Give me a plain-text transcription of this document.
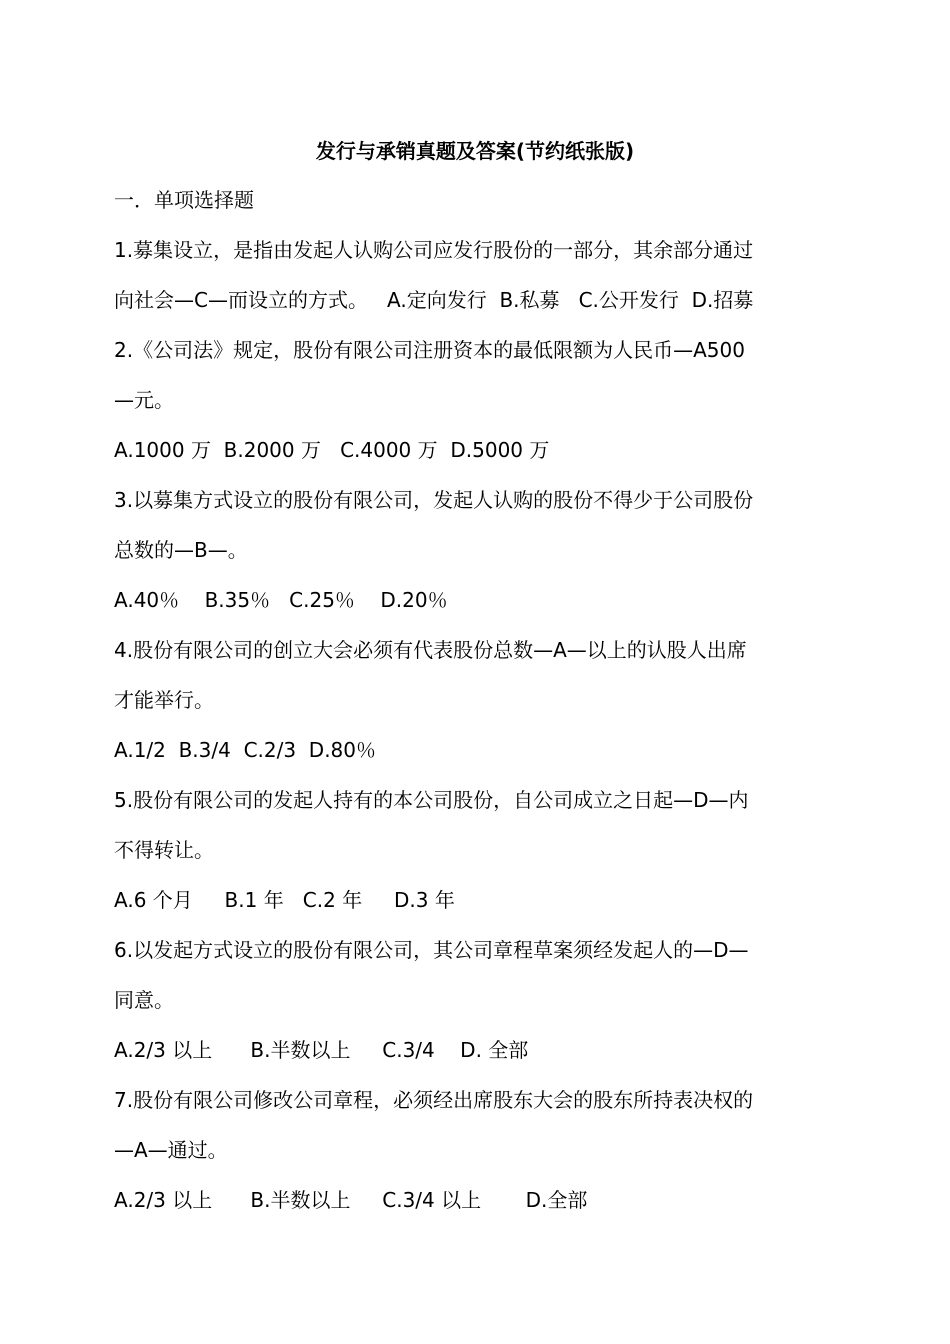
发行与承销真题及答案(节约纸张版)
一．单项选择题
1.募集设立，是指由发起人认购公司应发行股份的一部分，其余部分通过
向社会—C—而设立的方式。   A.定向发行  B.私募   C.公开发行  D.招募
2.《公司法》规定，股份有限公司注册资本的最低限额为人民币—A500
—元。
A.1000 万  B.2000 万   C.4000 万  D.5000 万
3.以募集方式设立的股份有限公司，发起人认购的股份不得少于公司股份
总数的—B—。
A.40％    B.35％   C.25％    D.20％
4.股份有限公司的创立大会必须有代表股份总数—A—以上的认股人出席
才能举行。
A.1/2  B.3/4  C.2/3  D.80％
5.股份有限公司的发起人持有的本公司股份，自公司成立之日起—D—内
不得转让。
A.6 个月     B.1 年   C.2 年     D.3 年
6.以发起方式设立的股份有限公司，其公司章程草案须经发起人的—D—
同意。
A.2/3 以上      B.半数以上     C.3/4    D. 全部
7.股份有限公司修改公司章程，必须经出席股东大会的股东所持表决权的
—A—通过。
A.2/3 以上      B.半数以上     C.3/4 以上       D.全部
